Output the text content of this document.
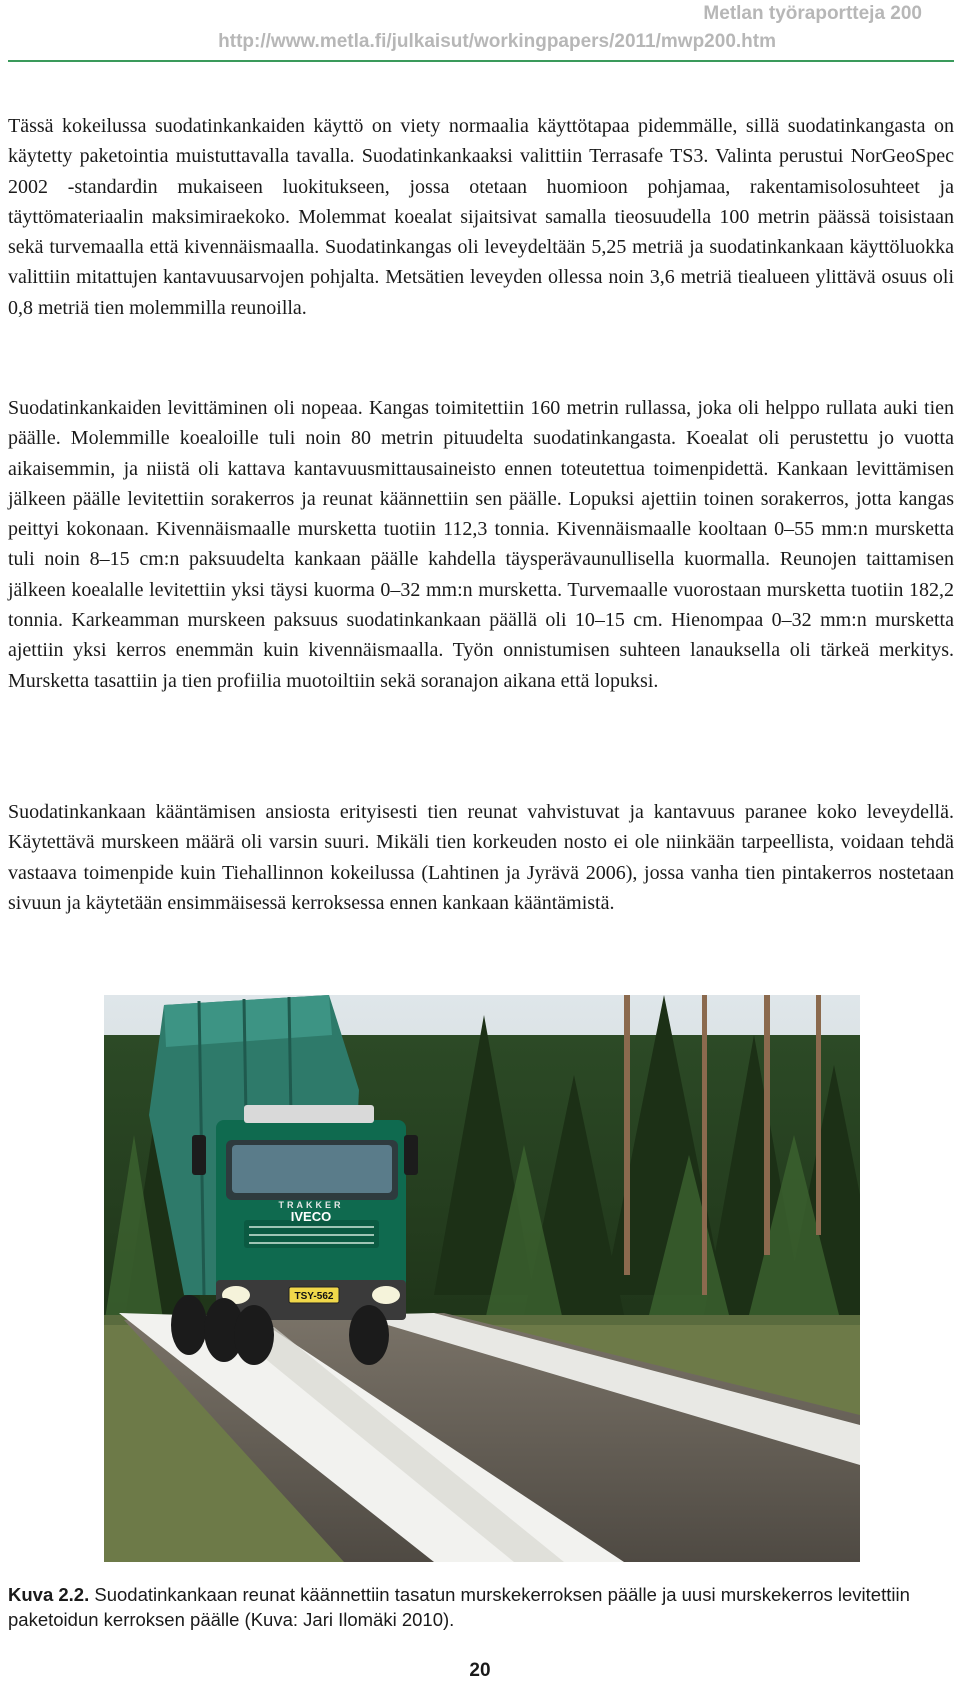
Metlan työraportteja 200
http://www.metla.fi/julkaisut/workingpapers/2011/mwp200.htm

Tässä kokeilussa suodatinkankaiden käyttö on viety normaalia käyttötapaa pidemmälle, sillä suodatinkangasta on käytetty paketointia muistuttavalla tavalla. Suodatinkankaaksi valittiin Terrasafe TS3. Valinta perustui NorGeoSpec 2002 -standardin mukaiseen luokitukseen, jossa otetaan huomioon pohjamaa, rakentamisolosuhteet ja täyttömateriaalin maksimiraekoko. Molemmat koealat sijaitsivat samalla tieosuudella 100 metrin päässä toisistaan sekä turvemaalla että kivennäismaalla. Suodatinkangas oli leveydeltään 5,25 metriä ja suodatinkankaan käyttöluokka valittiin mitattujen kantavuusarvojen pohjalta. Metsätien leveyden ollessa noin 3,6 metriä tiealueen ylittävä osuus oli 0,8 metriä tien molemmilla reunoilla.

Suodatinkankaiden levittäminen oli nopeaa. Kangas toimitettiin 160 metrin rullassa, joka oli helppo rullata auki tien päälle. Molemmille koealoille tuli noin 80 metrin pituudelta suodatinkangasta. Koealat oli perustettu jo vuotta aikaisemmin, ja niistä oli kattava kantavuusmittausaineisto ennen toteutettua toimenpidettä. Kankaan levittämisen jälkeen päälle levitettiin sorakerros ja reunat käännettiin sen päälle. Lopuksi ajettiin toinen sorakerros, jotta kangas peittyi kokonaan. Kivennäismaalle mursketta tuotiin 112,3 tonnia. Kivennäismaalle kooltaan 0–55 mm:n mursketta tuli noin 8–15 cm:n paksuudelta kankaan päälle kahdella täysperävaunullisella kuormalla. Reunojen taittamisen jälkeen koealalle levitettiin yksi täysi kuorma 0–32 mm:n mursketta. Turvemaalle vuorostaan mursketta tuotiin 182,2 tonnia. Karkeamman murskeen paksuus suodatinkankaan päällä oli 10–15 cm. Hienompaa 0–32 mm:n mursketta ajettiin yksi kerros enemmän kuin kivennäismaalla. Työn onnistumisen suhteen lanauksella oli tärkeä merkitys. Mursketta tasattiin ja tien profiilia muotoiltiin sekä soranajon aikana että lopuksi.

Suodatinkankaan kääntämisen ansiosta erityisesti tien reunat vahvistuvat ja kantavuus paranee koko leveydellä. Käytettävä murskeen määrä oli varsin suuri. Mikäli tien korkeuden nosto ei ole niinkään tarpeellista, voidaan tehdä vastaava toimenpide kuin Tiehallinnon kokeilussa (Lahtinen ja Jyrävä 2006), jossa vanha tien pintakerros nostetaan sivuun ja käytetään ensimmäisessä kerroksessa ennen kankaan kääntämistä.

TSY-562
TRAKKER
IVECO

Kuva 2.2. Suodatinkankaan reunat käännettiin tasatun murskekerroksen päälle ja uusi murskekerros levitettiin paketoidun kerroksen päälle (Kuva: Jari Ilomäki 2010).

20
